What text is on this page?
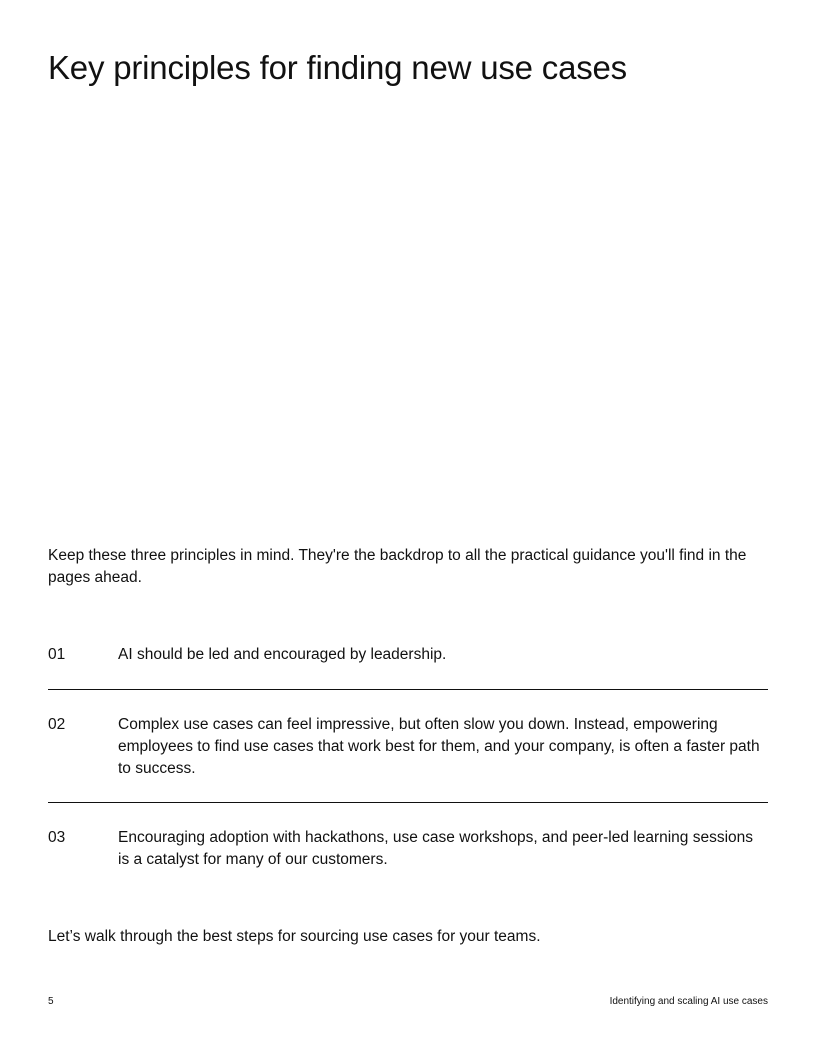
Key principles for finding new use cases

Keep these three principles in mind. They're the backdrop to all the practical guidance you'll find in the pages ahead.

01	AI should be led and encouraged by leadership.
02	Complex use cases can feel impressive, but often slow you down. Instead, empowering employees to find use cases that work best for them, and your company, is often a faster path to success.
03	Encouraging adoption with hackathons, use case workshops, and peer-led learning sessions is a catalyst for many of our customers.

Let’s walk through the best steps for sourcing use cases for your teams.

5	Identifying and scaling AI use cases
